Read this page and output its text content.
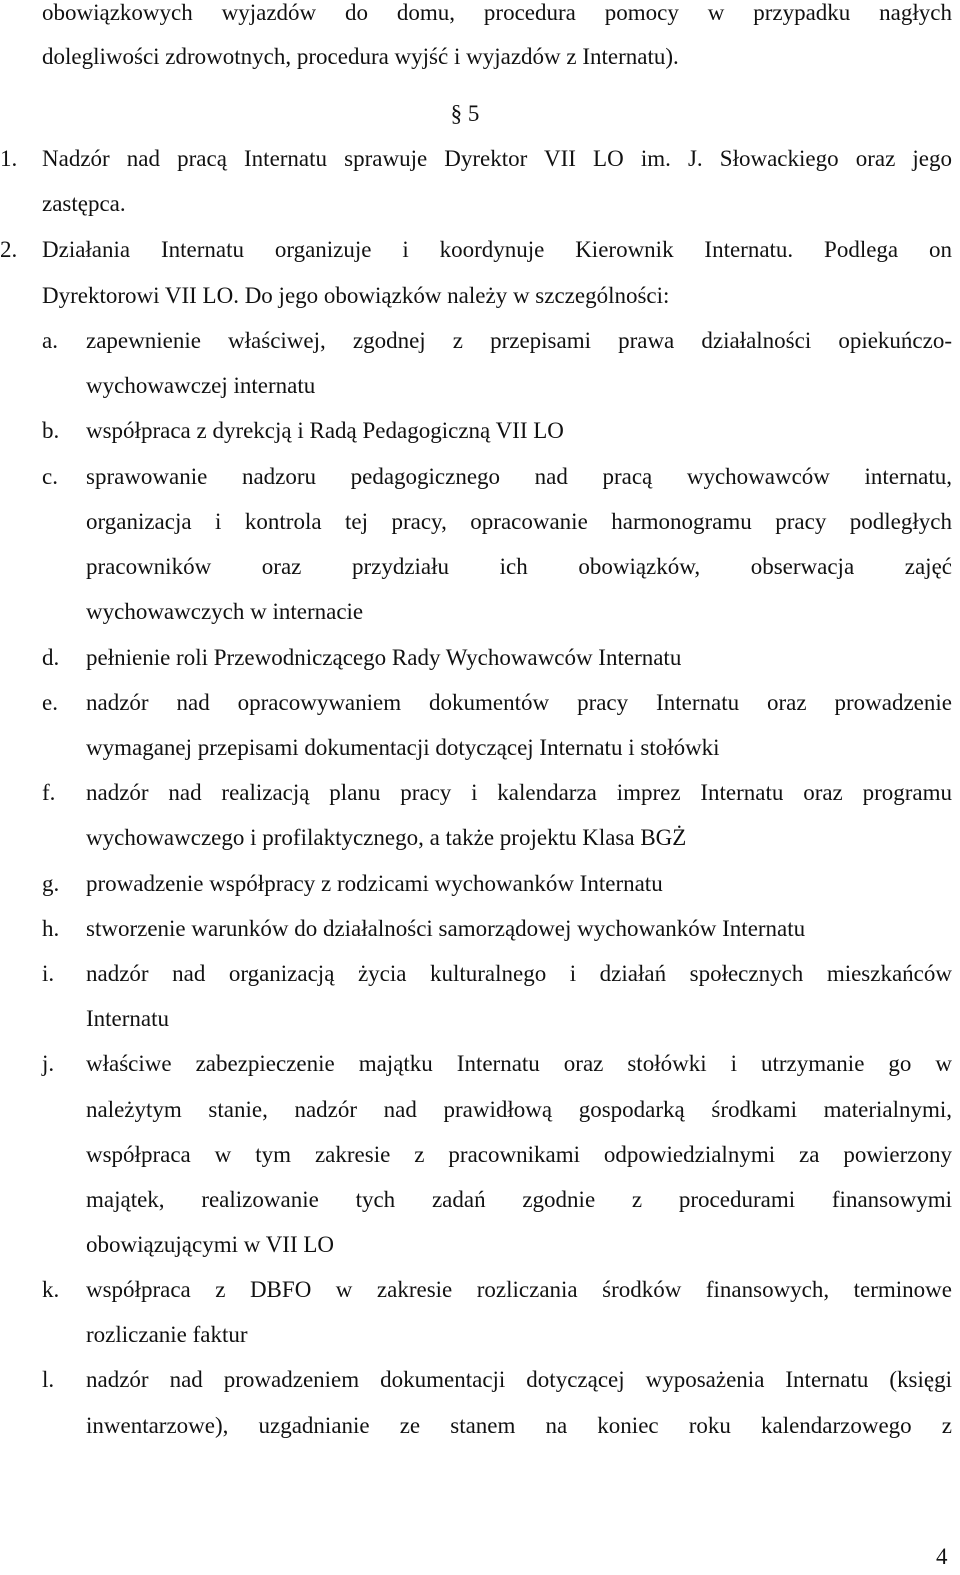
obowiązkowych wyjazdów do domu, procedura pomocy w przypadku nagłych
dolegliwości zdrowotnych, procedura wyjść i wyjazdów z Internatu).
§ 5
1. Nadzór nad pracą Internatu sprawuje Dyrektor VII LO im. J. Słowackiego oraz jego
zastępca.
2. Działania Internatu organizuje i koordynuje Kierownik Internatu. Podlega on
Dyrektorowi VII LO. Do jego obowiązków należy w szczególności:
a. zapewnienie właściwej, zgodnej z przepisami prawa działalności opiekuńczo-
wychowawczej internatu
b. współpraca z dyrekcją i Radą Pedagogiczną VII LO
c. sprawowanie nadzoru pedagogicznego nad pracą wychowawców internatu,
organizacja i kontrola tej pracy, opracowanie harmonogramu pracy podległych
pracowników oraz przydziału ich obowiązków, obserwacja zajęć
wychowawczych w internacie
d. pełnienie roli Przewodniczącego Rady Wychowawców Internatu
e. nadzór nad opracowywaniem dokumentów pracy Internatu oraz prowadzenie
wymaganej przepisami dokumentacji dotyczącej Internatu i stołówki
f. nadzór nad realizacją planu pracy i kalendarza imprez Internatu oraz programu
wychowawczego i profilaktycznego, a także projektu Klasa BGŻ
g. prowadzenie współpracy z rodzicami wychowanków Internatu
h. stworzenie warunków do działalności samorządowej wychowanków Internatu
i. nadzór nad organizacją życia kulturalnego i działań społecznych mieszkańców
Internatu
j. właściwe zabezpieczenie majątku Internatu oraz stołówki i utrzymanie go w
należytym stanie, nadzór nad prawidłową gospodarką środkami materialnymi,
współpraca w tym zakresie z pracownikami odpowiedzialnymi za powierzony
majątek, realizowanie tych zadań zgodnie z procedurami finansowymi
obowiązującymi w VII LO
k. współpraca z DBFO w zakresie rozliczania środków finansowych, terminowe
rozliczanie faktur
l. nadzór nad prowadzeniem dokumentacji dotyczącej wyposażenia Internatu (księgi
inwentarzowe), uzgadnianie ze stanem na koniec roku kalendarzowego z
4
